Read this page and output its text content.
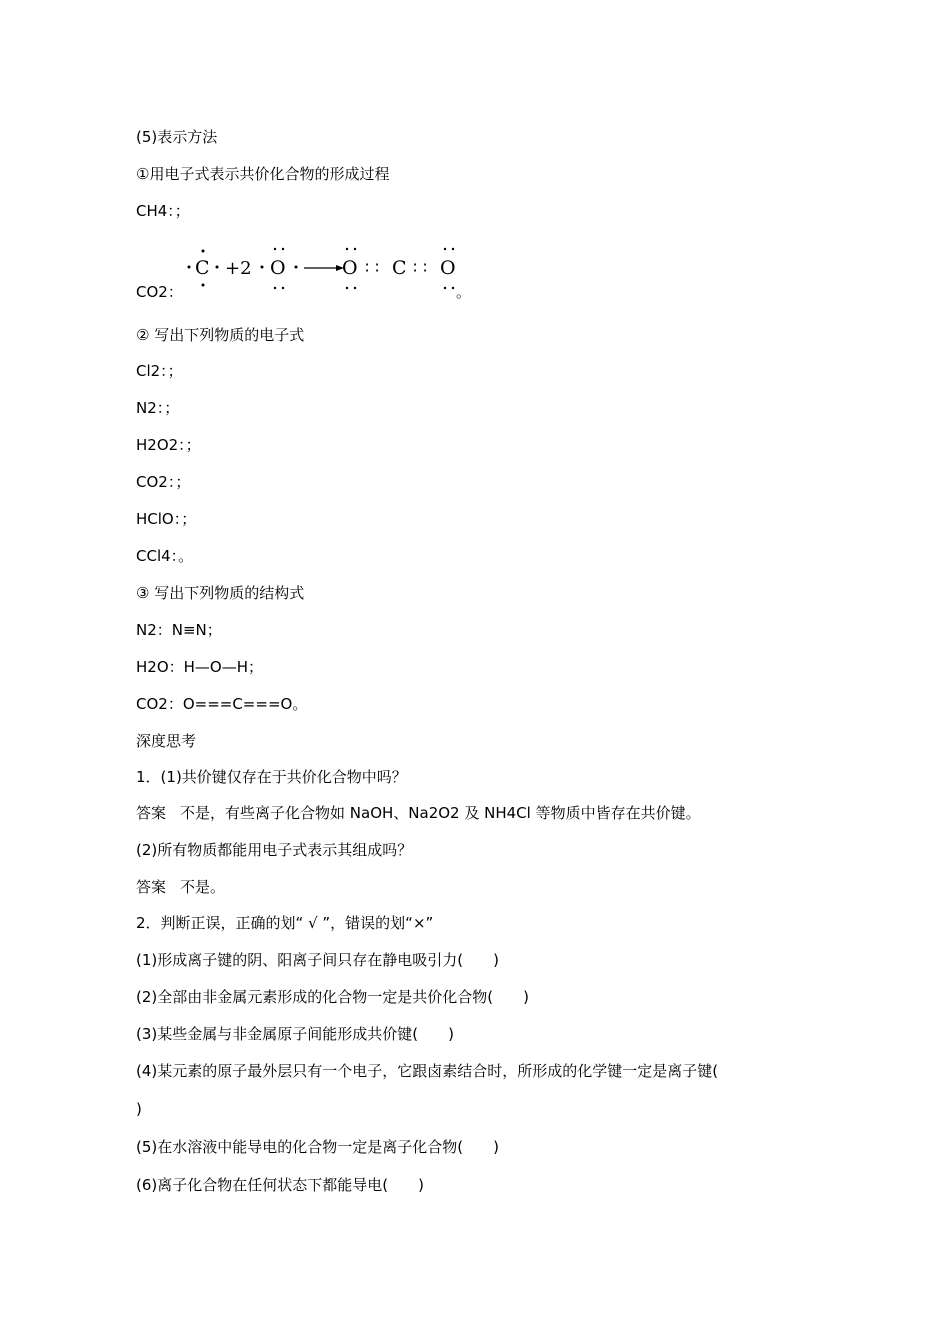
(5)表示方法
①用电子式表示共价化合物的形成过程
CH4：；
C +2 O	O ∶ ∶ C ∶ ∶ O
CO2：	。
② 写出下列物质的电子式
Cl2：；
N2：；
H2O2：；
CO2：；
HClO：；
CCl4：。
③ 写出下列物质的结构式
N2：N≡N；
H2O：H—O—H；
CO2：O===C===O。
深度思考
1．(1)共价键仅存在于共价化合物中吗？
答案 不是，有些离子化合物如 NaOH、Na2O2 及 NH4Cl 等物质中皆存在共价键。
(2)所有物质都能用电子式表示其组成吗？
答案 不是。
2．判断正误，正确的划“ √ ”，错误的划“×”
(1)形成离子键的阴、阳离子间只存在静电吸引力(　　)
(2)全部由非金属元素形成的化合物一定是共价化合物(　　)
(3)某些金属与非金属原子间能形成共价键(　　)
(4)某元素的原子最外层只有一个电子，它跟卤素结合时，所形成的化学键一定是离子键(
)
(5)在水溶液中能导电的化合物一定是离子化合物(　　)
(6)离子化合物在任何状态下都能导电(　　)
